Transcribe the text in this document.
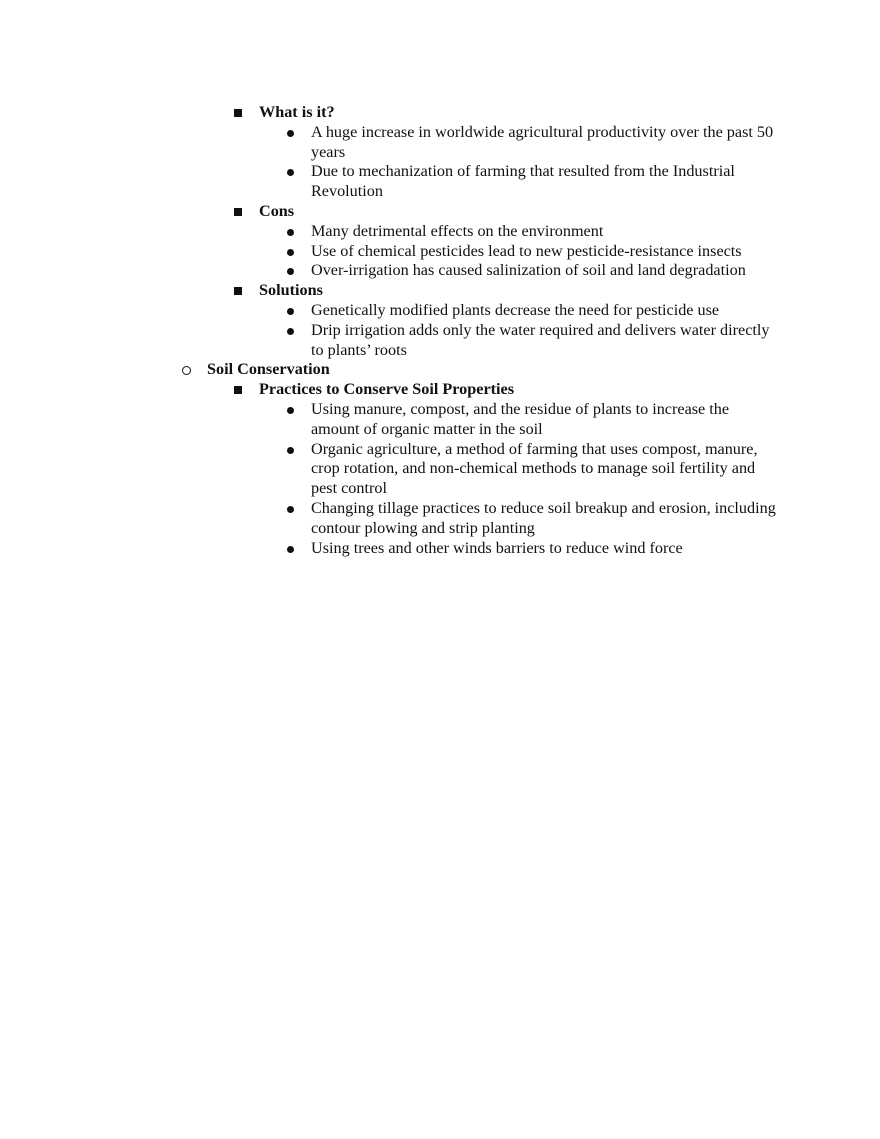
What is it?
A huge increase in worldwide agricultural productivity over the past 50 years
Due to mechanization of farming that resulted from the Industrial Revolution
Cons
Many detrimental effects on the environment
Use of chemical pesticides lead to new pesticide-resistance insects
Over-irrigation has caused salinization of soil and land degradation
Solutions
Genetically modified plants decrease the need for pesticide use
Drip irrigation adds only the water required and delivers water directly to plants’ roots
Soil Conservation
Practices to Conserve Soil Properties
Using manure, compost, and the residue of plants to increase the amount of organic matter in the soil
Organic agriculture, a method of farming that uses compost, manure, crop rotation, and non-chemical methods to manage soil fertility and pest control
Changing tillage practices to reduce soil breakup and erosion, including contour plowing and strip planting
Using trees and other winds barriers to reduce wind force
